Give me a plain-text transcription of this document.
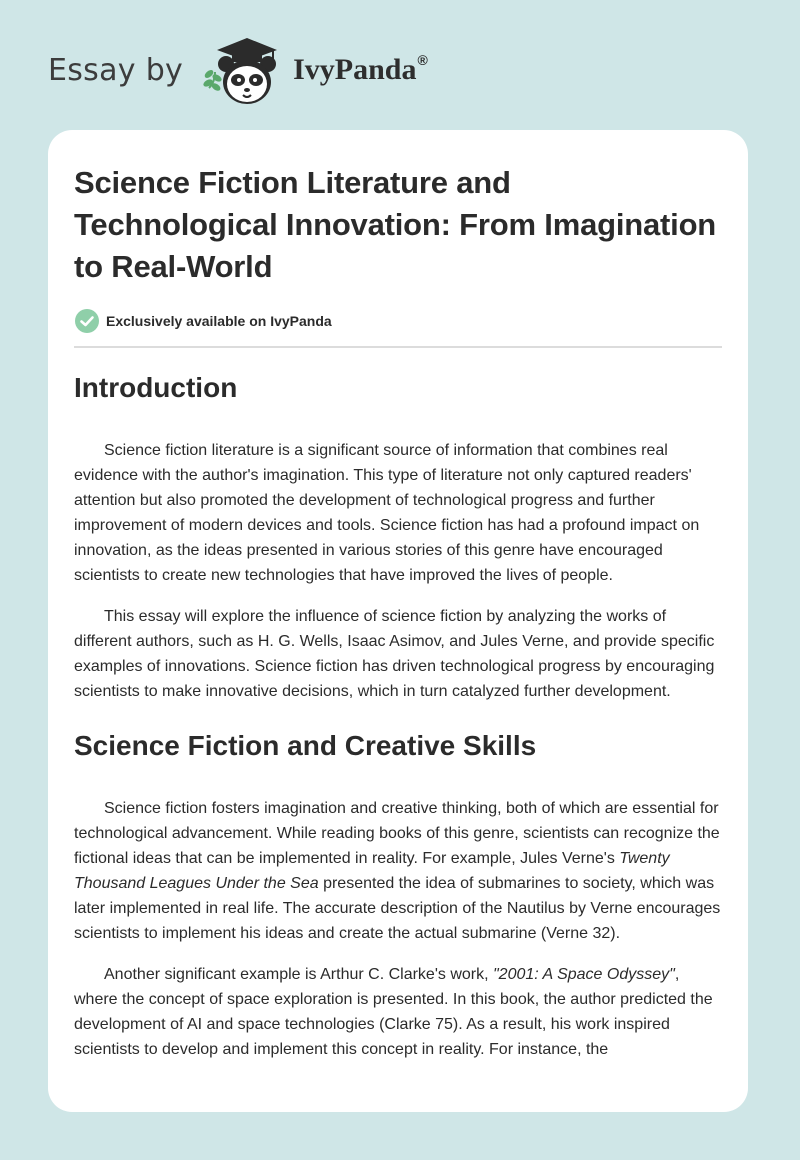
Essay by	IvyPanda®
Science Fiction Literature and Technological Innovation: From Imagination to Real-World
Exclusively available on IvyPanda
Introduction

Science fiction literature is a significant source of information that combines real evidence with the author's imagination. This type of literature not only captured readers' attention but also promoted the development of technological progress and further improvement of modern devices and tools. Science fiction has had a profound impact on innovation, as the ideas presented in various stories of this genre have encouraged scientists to create new technologies that have improved the lives of people.

This essay will explore the influence of science fiction by analyzing the works of different authors, such as H. G. Wells, Isaac Asimov, and Jules Verne, and provide specific examples of innovations. Science fiction has driven technological progress by encouraging scientists to make innovative decisions, which in turn catalyzed further development.

Science Fiction and Creative Skills

Science fiction fosters imagination and creative thinking, both of which are essential for technological advancement. While reading books of this genre, scientists can recognize the fictional ideas that can be implemented in reality. For example, Jules Verne's Twenty Thousand Leagues Under the Sea presented the idea of submarines to society, which was later implemented in real life. The accurate description of the Nautilus by Verne encourages scientists to implement his ideas and create the actual submarine (Verne 32).

Another significant example is Arthur C. Clarke's work, "2001: A Space Odyssey", where the concept of space exploration is presented. In this book, the author predicted the development of AI and space technologies (Clarke 75). As a result, his work inspired scientists to develop and implement this concept in reality. For instance, the
